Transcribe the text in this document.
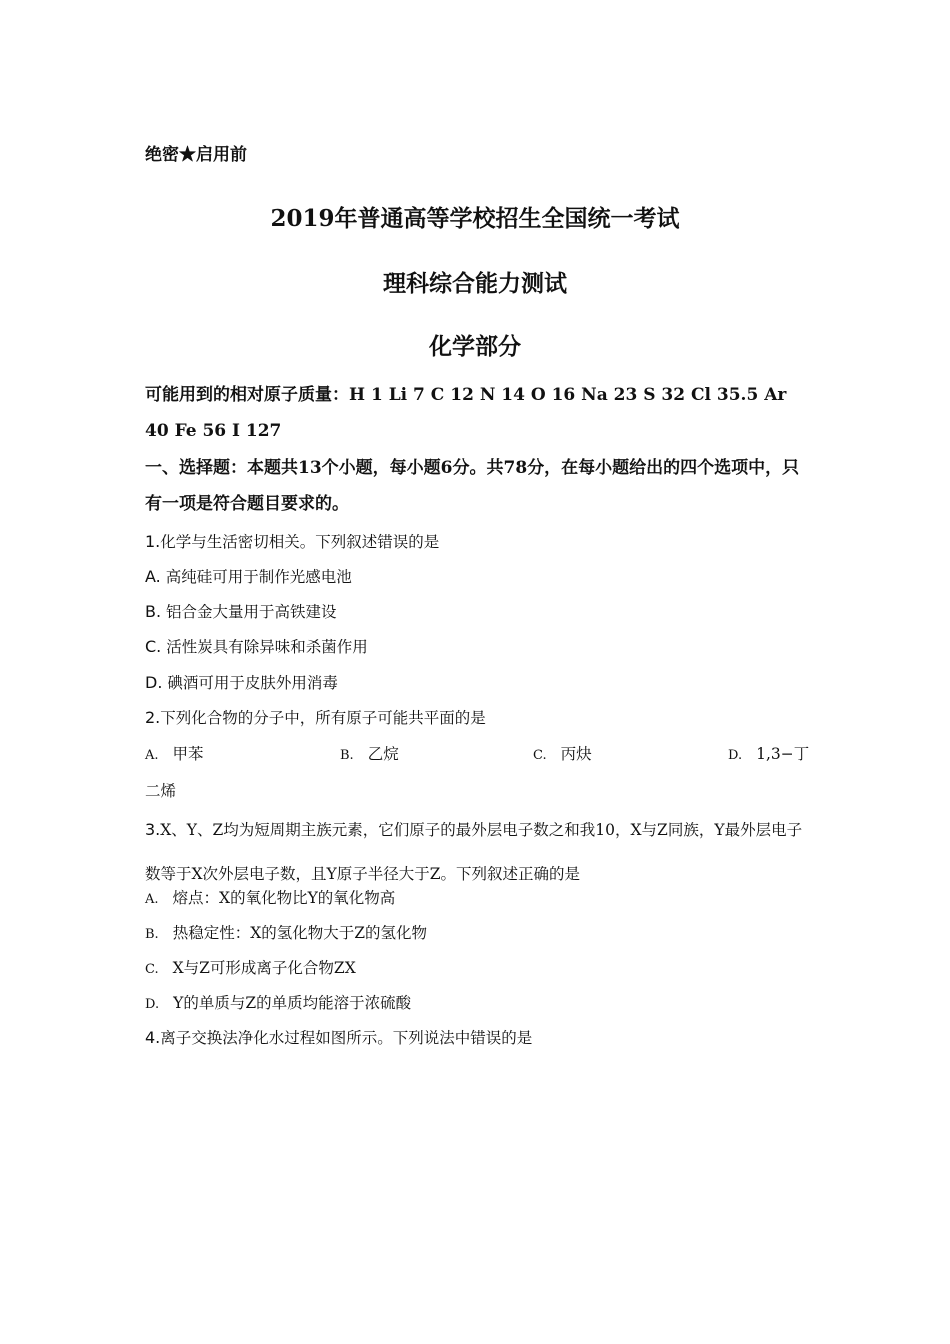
绝密★启用前
2019年普通高等学校招生全国统一考试
理科综合能力测试
化学部分
可能用到的相对原子质量：H 1 Li 7 C 12 N 14 O 16 Na 23 S 32 Cl 35.5 Ar 40 Fe 56 I 127
一、选择题：本题共13个小题，每小题6分。共78分，在每小题给出的四个选项中，只有一项是符合题目要求的。
1.化学与生活密切相关。下列叙述错误的是
A. 高纯硅可用于制作光感电池
B. 铝合金大量用于高铁建设
C. 活性炭具有除异味和杀菌作用
D. 碘酒可用于皮肤外用消毒
2.下列化合物的分子中，所有原子可能共平面的是
A. 甲苯	B. 乙烷	C. 丙炔	D. 1,3−丁
二烯
3.X、Y、Z均为短周期主族元素，它们原子的最外层电子数之和我10，X与Z同族，Y最外层电子数等于X次外层电子数，且Y原子半径大于Z。下列叙述正确的是
A. 熔点：X的氧化物比Y的氧化物高
B. 热稳定性：X的氢化物大于Z的氢化物
C. X与Z可形成离子化合物ZX
D. Y的单质与Z的单质均能溶于浓硫酸
4.离子交换法净化水过程如图所示。下列说法中错误的是
